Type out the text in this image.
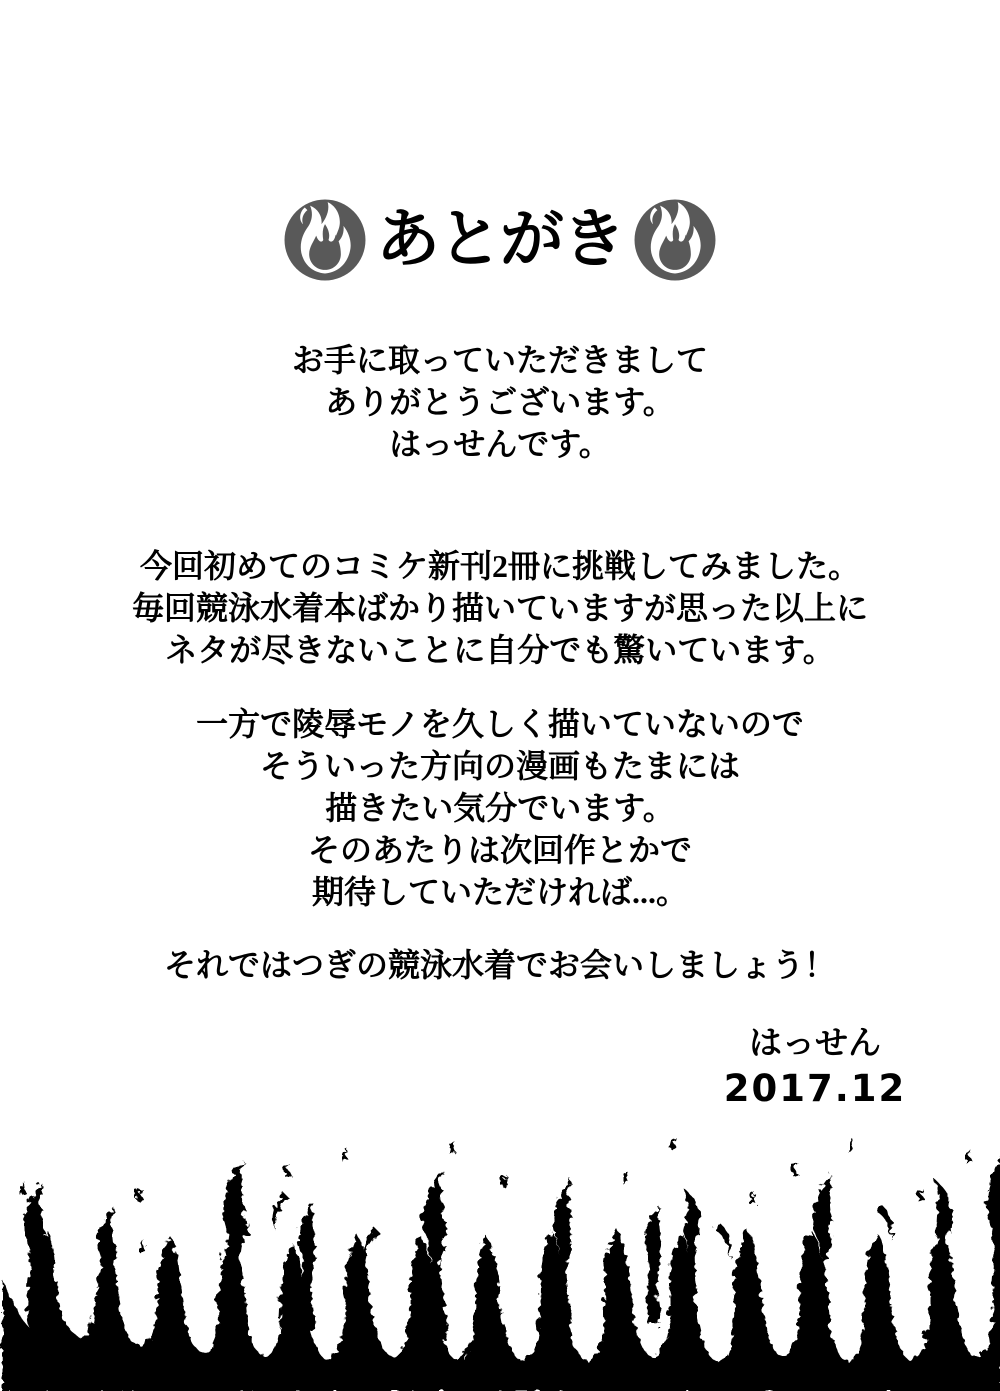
あとがき
お手に取っていただきまして
ありがとうございます。
はっせんです。
今回初めてのコミケ新刊2冊に挑戦してみました。
毎回競泳水着本ばかり描いていますが思った以上に
ネタが尽きないことに自分でも驚いています。
一方で陵辱モノを久しく描いていないので
そういった方向の漫画もたまには
描きたい気分でいます。
そのあたりは次回作とかで
期待していただければ...。
それではつぎの競泳水着でお会いしましょう！
はっせん
2017.12
